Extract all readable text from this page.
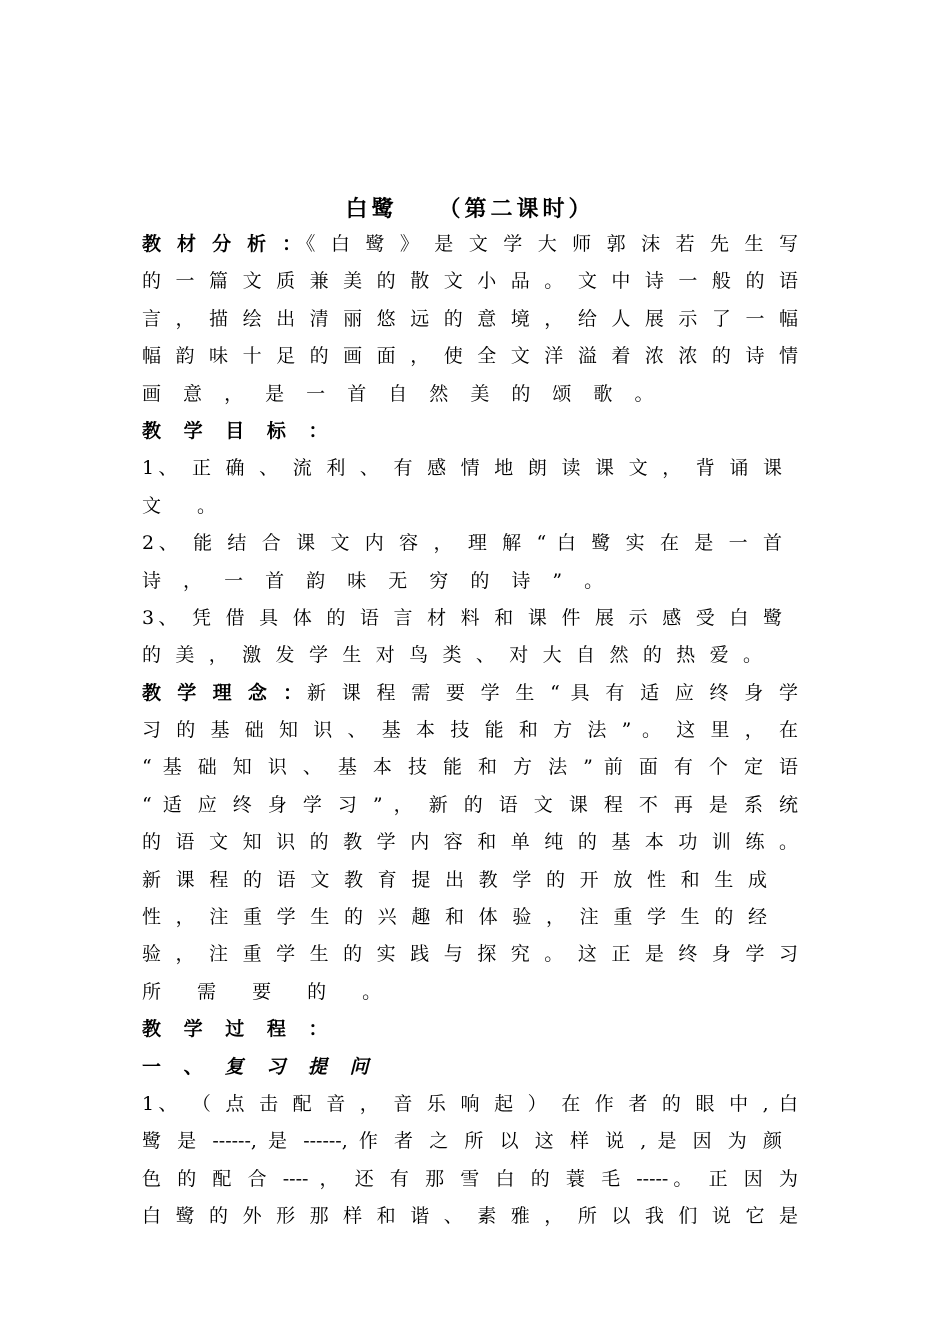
白鹭　　（第二课时）
教 材 分 析 ：《 白 鹭 》 是 文 学 大 师 郭 沫 若 先 生 写
的 一 篇 文 质 兼 美 的 散 文 小 品 。 文 中 诗 一 般 的 语
言 ， 描 绘 出 清 丽 悠 远 的 意 境 ， 给 人 展 示 了 一 幅
幅 韵 味 十 足 的 画 面 ， 使 全 文 洋 溢 着 浓 浓 的 诗 情
画 意 ， 是 一 首 自 然 美 的 颂 歌 。
教 学 目 标 ：
1、 正 确 、 流 利 、 有 感 情 地 朗 读 课 文 ， 背 诵 课
文 。
2、 能 结 合 课 文 内 容 ， 理 解 “ 白 鹭 实 在 是 一 首
诗 ， 一 首 韵 味 无 穷 的 诗 ” 。
3、 凭 借 具 体 的 语 言 材 料 和 课 件 展 示 感 受 白 鹭
的 美 ， 激 发 学 生 对 鸟 类 、 对 大 自 然 的 热 爱 。
教 学 理 念 ：新 课 程 需 要 学 生 “ 具 有 适 应 终 身 学
习 的 基 础 知 识 、 基 本 技 能 和 方 法 ” 。 这 里 ， 在
“ 基 础 知 识 、 基 本 技 能 和 方 法 ” 前 面 有 个 定 语
“ 适 应 终 身 学 习 ” ， 新 的 语 文 课 程 不 再 是 系 统
的 语 文 知 识 的 教 学 内 容 和 单 纯 的 基 本 功 训 练 。
新 课 程 的 语 文 教 育 提 出 教 学 的 开 放 性 和 生 成
性 ， 注 重 学 生 的 兴 趣 和 体 验 ， 注 重 学 生 的 经
验 ， 注 重 学 生 的 实 践 与 探 究 。 这 正 是 终 身 学 习
所 需 要 的 。
教 学 过 程 ：
一 、 复 习 提 问
1、 （ 点 击 配 音 ， 音 乐 响 起 ） 在 作 者 的 眼 中 , 白
鹭 是 ------, 是 ------, 作 者 之 所 以 这 样 说 , 是 因 为 颜
色 的 配 合 ---- ， 还 有 那 雪 白 的 蓑 毛 -----。 正 因 为
白 鹭 的 外 形 那 样 和 谐 、 素 雅 ， 所 以 我 们 说 它 是
